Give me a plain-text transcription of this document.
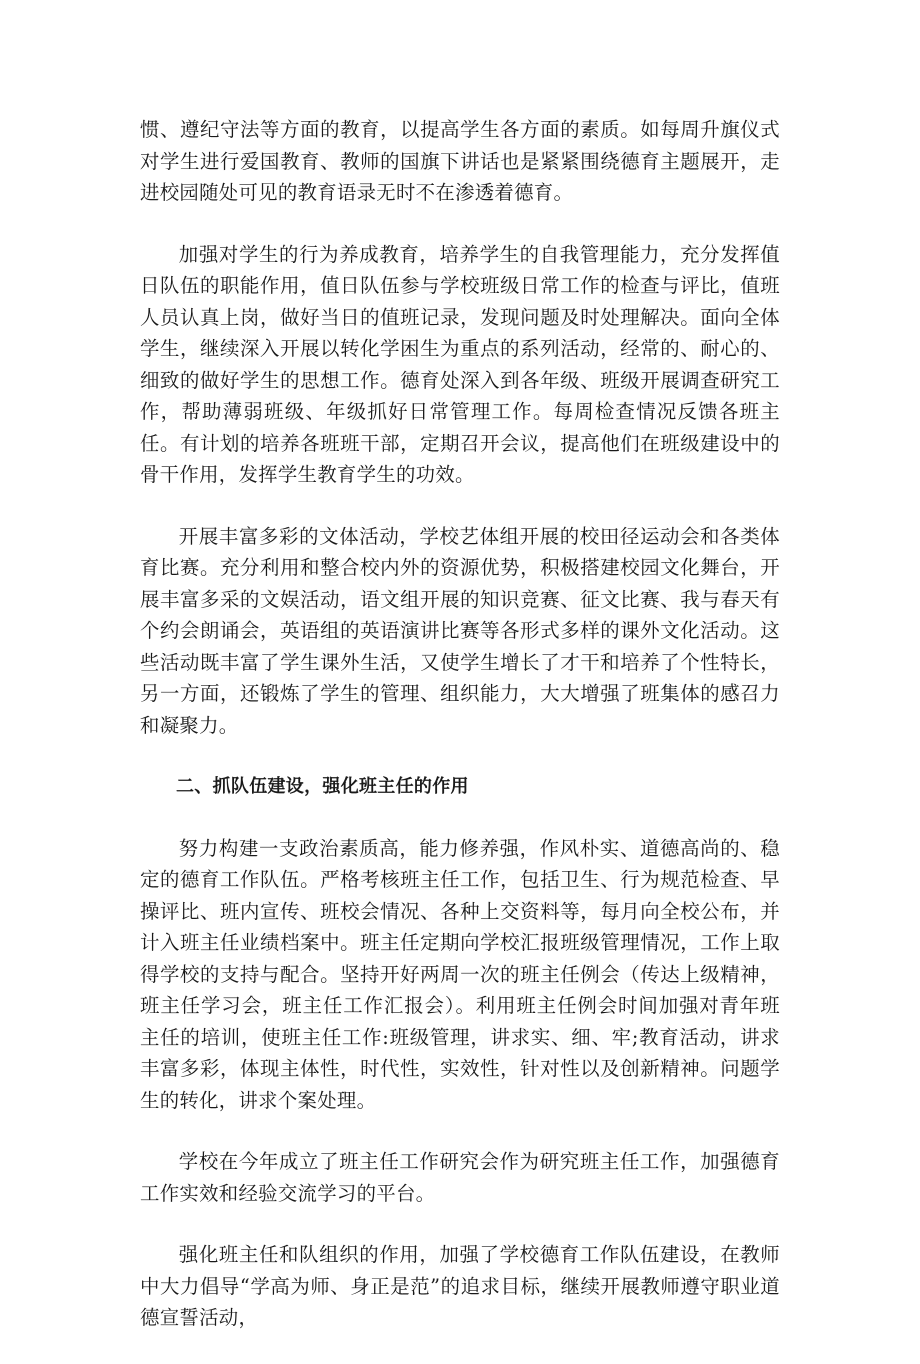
惯、遵纪守法等方面的教育，以提高学生各方面的素质。如每周升旗仪式对学生进行爱国教育、教师的国旗下讲话也是紧紧围绕德育主题展开，走进校园随处可见的教育语录无时不在渗透着德育。

加强对学生的行为养成教育，培养学生的自我管理能力，充分发挥值日队伍的职能作用，值日队伍参与学校班级日常工作的检查与评比，值班人员认真上岗，做好当日的值班记录，发现问题及时处理解决。面向全体学生，继续深入开展以转化学困生为重点的系列活动，经常的、耐心的、细致的做好学生的思想工作。德育处深入到各年级、班级开展调查研究工作，帮助薄弱班级、年级抓好日常管理工作。每周检查情况反馈各班主任。有计划的培养各班班干部，定期召开会议，提高他们在班级建设中的骨干作用，发挥学生教育学生的功效。

开展丰富多彩的文体活动，学校艺体组开展的校田径运动会和各类体育比赛。充分利用和整合校内外的资源优势，积极搭建校园文化舞台，开展丰富多采的文娱活动，语文组开展的知识竞赛、征文比赛、我与春天有个约会朗诵会，英语组的英语演讲比赛等各形式多样的课外文化活动。这些活动既丰富了学生课外生活，又使学生增长了才干和培养了个性特长，另一方面，还锻炼了学生的管理、组织能力，大大增强了班集体的感召力和凝聚力。

二、抓队伍建设，强化班主任的作用

努力构建一支政治素质高，能力修养强，作风朴实、道德高尚的、稳定的德育工作队伍。严格考核班主任工作，包括卫生、行为规范检查、早操评比、班内宣传、班校会情况、各种上交资料等，每月向全校公布，并计入班主任业绩档案中。班主任定期向学校汇报班级管理情况，工作上取得学校的支持与配合。坚持开好两周一次的班主任例会（传达上级精神，班主任学习会，班主任工作汇报会）。利用班主任例会时间加强对青年班主任的培训，使班主任工作:班级管理，讲求实、细、牢;教育活动，讲求丰富多彩，体现主体性，时代性，实效性，针对性以及创新精神。问题学生的转化，讲求个案处理。

学校在今年成立了班主任工作研究会作为研究班主任工作，加强德育工作实效和经验交流学习的平台。

强化班主任和队组织的作用，加强了学校德育工作队伍建设，在教师中大力倡导“学高为师、身正是范”的追求目标，继续开展教师遵守职业道德宣誓活动，
